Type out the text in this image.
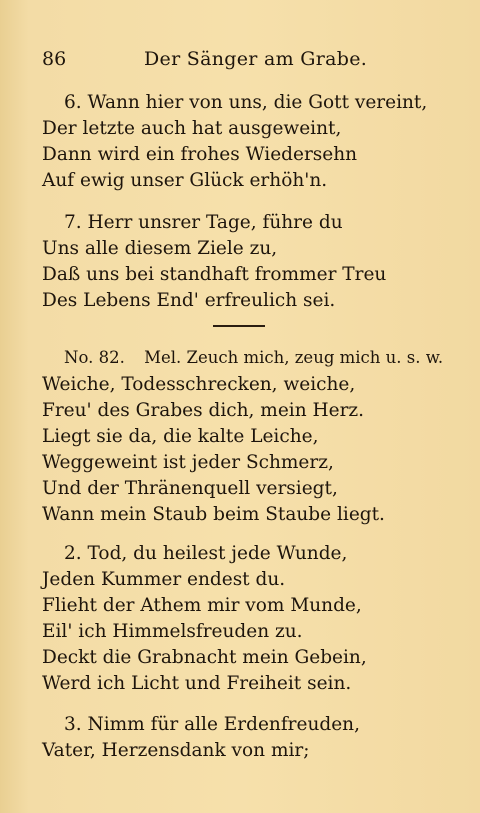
86	Der Sänger am Grabe.
6. Wann hier von uns, die Gott vereint,
Der letzte auch hat ausgeweint,
Dann wird ein frohes Wiedersehn
Auf ewig unser Glück erhöh'n.
7. Herr unsrer Tage, führe du
Uns alle diesem Ziele zu,
Daß uns bei standhaft frommer Treu
Des Lebens End' erfreulich sei.
No. 82. Mel. Zeuch mich, zeug mich u. s. w.
Weiche, Todesschrecken, weiche,
Freu' des Grabes dich, mein Herz.
Liegt sie da, die kalte Leiche,
Weggeweint ist jeder Schmerz,
Und der Thränenquell versiegt,
Wann mein Staub beim Staube liegt.
2. Tod, du heilest jede Wunde,
Jeden Kummer endest du.
Flieht der Athem mir vom Munde,
Eil' ich Himmelsfreuden zu.
Deckt die Grabnacht mein Gebein,
Werd ich Licht und Freiheit sein.
3. Nimm für alle Erdenfreuden,
Vater, Herzensdank von mir;
